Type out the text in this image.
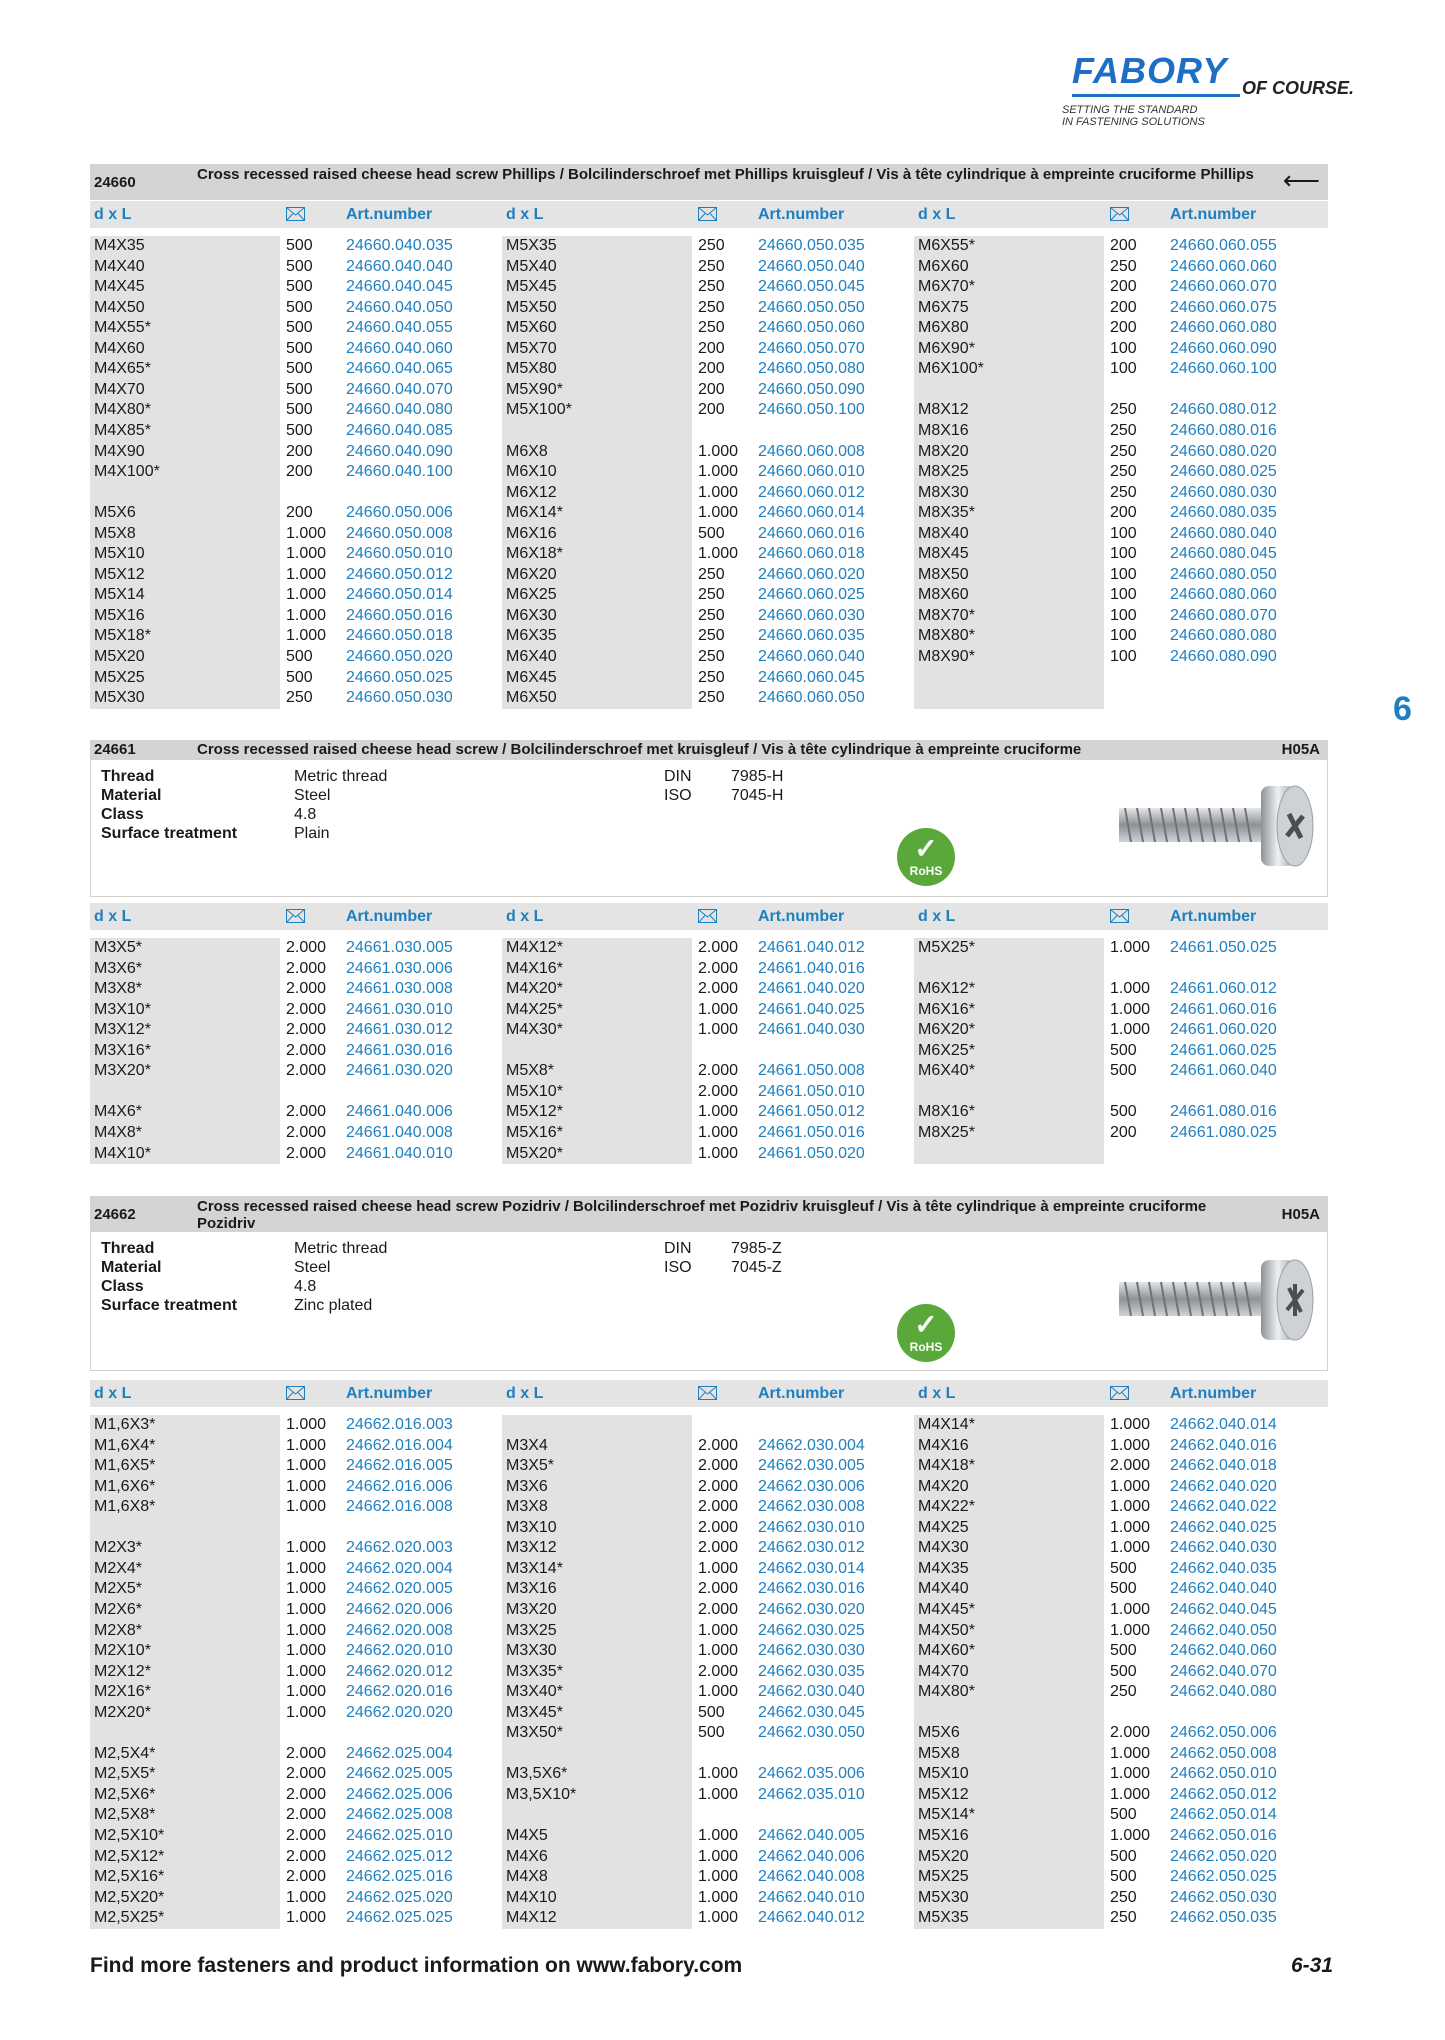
FABORY OF COURSE.
SETTING THE STANDARD
IN FASTENING SOLUTIONS
24660	Cross recessed raised cheese head screw Phillips / Bolcilinderschroef met Phillips kruisgleuf / Vis à tête cylindrique à empreinte cruciforme Phillips ⟵
d x L	Art.number	d x L	Art.number	d x L	Art.number
M4X35	500 24660.040.035
M4X40	500 24660.040.040
M4X45	500 24660.040.045
M4X50	500 24660.040.050
M4X55*	500 24660.040.055
M4X60	500 24660.040.060
M4X65*	500 24660.040.065
M4X70	500 24660.040.070
M4X80*	500 24660.040.080
M4X85*	500 24660.040.085
M4X90	200 24660.040.090
M4X100*	200 24660.040.100
M5X6	200 24660.050.006
M5X8	1.000 24660.050.008
M5X10	1.000 24660.050.010
M5X12	1.000 24660.050.012
M5X14	1.000 24660.050.014
M5X16	1.000 24660.050.016
M5X18*	1.000 24660.050.018
M5X20	500 24660.050.020
M5X25	500 24660.050.025
M5X30	250 24660.050.030
M5X35	250 24660.050.035
M5X40	250 24660.050.040
M5X45	250 24660.050.045
M5X50	250 24660.050.050
M5X60	250 24660.050.060
M5X70	200 24660.050.070
M5X80	200 24660.050.080
M5X90*	200 24660.050.090
M5X100*	200 24660.050.100
M6X8	1.000 24660.060.008
M6X10	1.000 24660.060.010
M6X12	1.000 24660.060.012
M6X14*	1.000 24660.060.014
M6X16	500 24660.060.016
M6X18*	1.000 24660.060.018
M6X20	250 24660.060.020
M6X25	250 24660.060.025
M6X30	250 24660.060.030
M6X35	250 24660.060.035
M6X40	250 24660.060.040
M6X45	250 24660.060.045
M6X50	250 24660.060.050
M6X55*	200 24660.060.055
M6X60	250 24660.060.060
M6X70*	200 24660.060.070
M6X75	200 24660.060.075
M6X80	200 24660.060.080
M6X90*	100 24660.060.090
M6X100*	100 24660.060.100
M8X12	250 24660.080.012
M8X16	250 24660.080.016
M8X20	250 24660.080.020
M8X25	250 24660.080.025
M8X30	250 24660.080.030
M8X35*	200 24660.080.035
M8X40	100 24660.080.040
M8X45	100 24660.080.045
M8X50	100 24660.080.050
M8X60	100 24660.080.060
M8X70*	100 24660.080.070
M8X80*	100 24660.080.080
M8X90*	100 24660.080.090
6
24661	Cross recessed raised cheese head screw / Bolcilinderschroef met kruisgleuf / Vis à tête cylindrique à empreinte cruciforme	H05A
Thread	Metric thread
Material	Steel
Class	4.8
Surface treatment	Plain
DIN 7985-H
ISO 7045-H
✓
RoHS
d x L	Art.number	d x L	Art.number	d x L	Art.number
M3X5*	2.000 24661.030.005
M3X6*	2.000 24661.030.006
M3X8*	2.000 24661.030.008
M3X10*	2.000 24661.030.010
M3X12*	2.000 24661.030.012
M3X16*	2.000 24661.030.016
M3X20*	2.000 24661.030.020
M4X6*	2.000 24661.040.006
M4X8*	2.000 24661.040.008
M4X10*	2.000 24661.040.010
M4X12*	2.000 24661.040.012
M4X16*	2.000 24661.040.016
M4X20*	2.000 24661.040.020
M4X25*	1.000 24661.040.025
M4X30*	1.000 24661.040.030
M5X8*	2.000 24661.050.008
M5X10*	2.000 24661.050.010
M5X12*	1.000 24661.050.012
M5X16*	1.000 24661.050.016
M5X20*	1.000 24661.050.020
M5X25*	1.000 24661.050.025
M6X12*	1.000 24661.060.012
M6X16*	1.000 24661.060.016
M6X20*	1.000 24661.060.020
M6X25*	500 24661.060.025
M6X40*	500 24661.060.040
M8X16*	500 24661.080.016
M8X25*	200 24661.080.025
24662	Cross recessed raised cheese head screw Pozidriv / Bolcilinderschroef met Pozidriv kruisgleuf / Vis à tête cylindrique à empreinte cruciforme Pozidriv
H05A
Thread	Metric thread
Material	Steel
Class	4.8
Surface treatment	Zinc plated
DIN 7985-Z
ISO 7045-Z
✓
RoHS
d x L	Art.number	d x L	Art.number	d x L	Art.number
M1,6X3*	1.000 24662.016.003
M1,6X4*	1.000 24662.016.004
M1,6X5*	1.000 24662.016.005
M1,6X6*	1.000 24662.016.006
M1,6X8*	1.000 24662.016.008
M2X3*	1.000 24662.020.003
M2X4*	1.000 24662.020.004
M2X5*	1.000 24662.020.005
M2X6*	1.000 24662.020.006
M2X8*	1.000 24662.020.008
M2X10*	1.000 24662.020.010
M2X12*	1.000 24662.020.012
M2X16*	1.000 24662.020.016
M2X20*	1.000 24662.020.020
M2,5X4*	2.000 24662.025.004
M2,5X5*	2.000 24662.025.005
M2,5X6*	2.000 24662.025.006
M2,5X8*	2.000 24662.025.008
M2,5X10*	2.000 24662.025.010
M2,5X12*	2.000 24662.025.012
M2,5X16*	2.000 24662.025.016
M2,5X20*	1.000 24662.025.020
M2,5X25*	1.000 24662.025.025
M3X4	2.000 24662.030.004
M3X5*	2.000 24662.030.005
M3X6	2.000 24662.030.006
M3X8	2.000 24662.030.008
M3X10	2.000 24662.030.010
M3X12	2.000 24662.030.012
M3X14*	1.000 24662.030.014
M3X16	2.000 24662.030.016
M3X20	2.000 24662.030.020
M3X25	1.000 24662.030.025
M3X30	1.000 24662.030.030
M3X35*	2.000 24662.030.035
M3X40*	1.000 24662.030.040
M3X45*	500 24662.030.045
M3X50*	500 24662.030.050
M3,5X6*	1.000 24662.035.006
M3,5X10*	1.000 24662.035.010
M4X5	1.000 24662.040.005
M4X6	1.000 24662.040.006
M4X8	1.000 24662.040.008
M4X10	1.000 24662.040.010
M4X12	1.000 24662.040.012
M4X14*	1.000 24662.040.014
M4X16	1.000 24662.040.016
M4X18*	2.000 24662.040.018
M4X20	1.000 24662.040.020
M4X22*	1.000 24662.040.022
M4X25	1.000 24662.040.025
M4X30	1.000 24662.040.030
M4X35	500 24662.040.035
M4X40	500 24662.040.040
M4X45*	1.000 24662.040.045
M4X50*	1.000 24662.040.050
M4X60*	500 24662.040.060
M4X70	500 24662.040.070
M4X80*	250 24662.040.080
M5X6	2.000 24662.050.006
M5X8	1.000 24662.050.008
M5X10	1.000 24662.050.010
M5X12	1.000 24662.050.012
M5X14*	500 24662.050.014
M5X16	1.000 24662.050.016
M5X20	500 24662.050.020
M5X25	500 24662.050.025
M5X30	250 24662.050.030
M5X35	250 24662.050.035
Find more fasteners and product information on www.fabory.com	6-31
